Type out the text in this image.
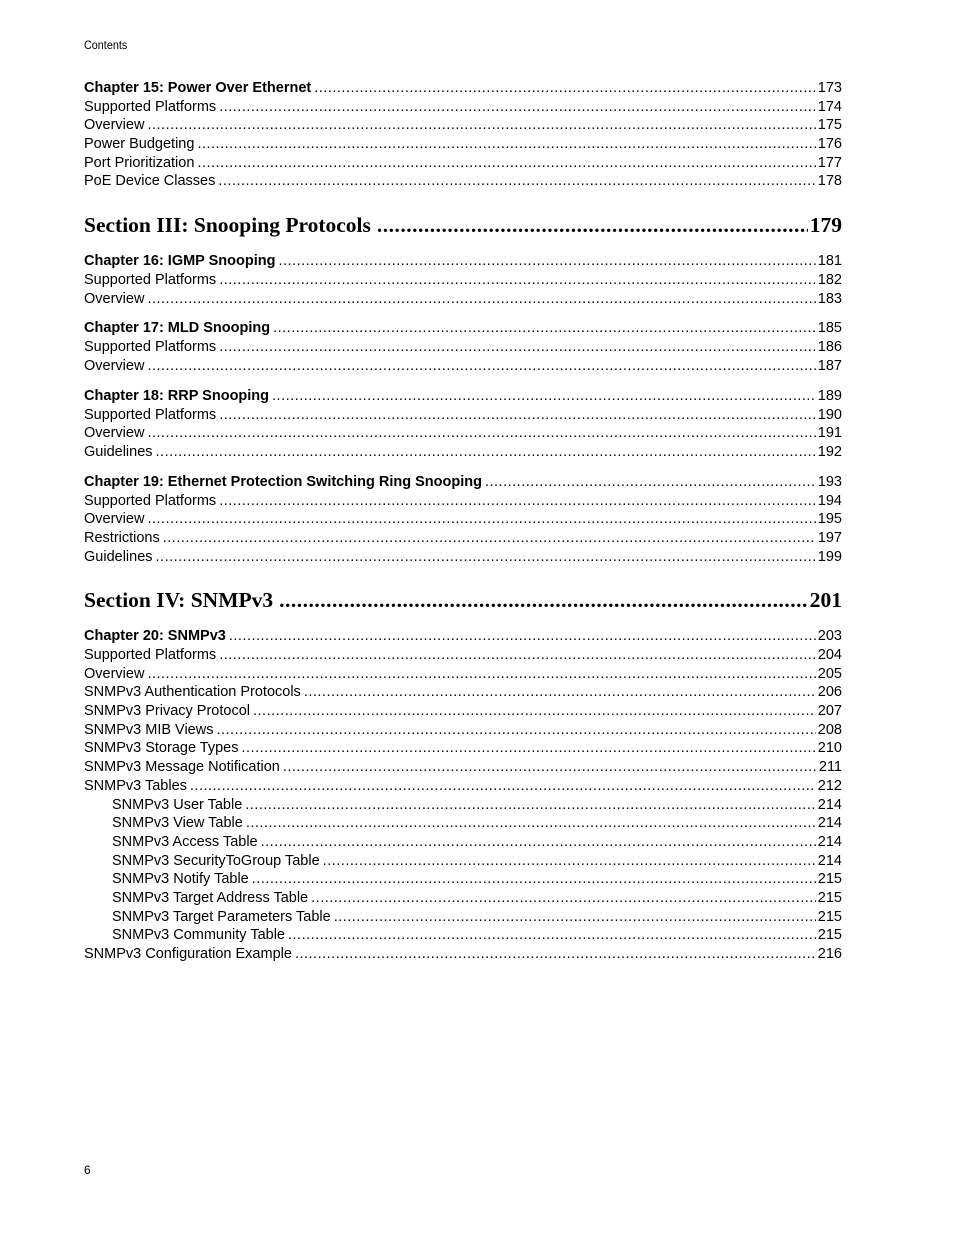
Contents
Chapter 15: Power Over Ethernet .....	173
Supported Platforms .....	174
Overview .....	175
Power Budgeting .....	176
Port Prioritization .....	177
PoE Device Classes .....	178
Section III: Snooping Protocols .....	179
Chapter 16: IGMP Snooping .....	181
Supported Platforms .....	182
Overview .....	183
Chapter 17: MLD Snooping .....	185
Supported Platforms .....	186
Overview .....	187
Chapter 18: RRP Snooping .....	189
Supported Platforms .....	190
Overview .....	191
Guidelines .....	192
Chapter 19: Ethernet Protection Switching Ring Snooping .....	193
Supported Platforms .....	194
Overview .....	195
Restrictions .....	197
Guidelines .....	199
Section IV: SNMPv3 .....	201
Chapter 20: SNMPv3 .....	203
Supported Platforms .....	204
Overview .....	205
SNMPv3 Authentication Protocols .....	206
SNMPv3 Privacy Protocol .....	207
SNMPv3 MIB Views .....	208
SNMPv3 Storage Types .....	210
SNMPv3 Message Notification .....	211
SNMPv3 Tables .....	212
SNMPv3 User Table .....	214
SNMPv3 View Table .....	214
SNMPv3 Access Table .....	214
SNMPv3 SecurityToGroup Table .....	214
SNMPv3 Notify Table .....	215
SNMPv3 Target Address Table .....	215
SNMPv3 Target Parameters Table .....	215
SNMPv3 Community Table .....	215
SNMPv3 Configuration Example .....	216
6
